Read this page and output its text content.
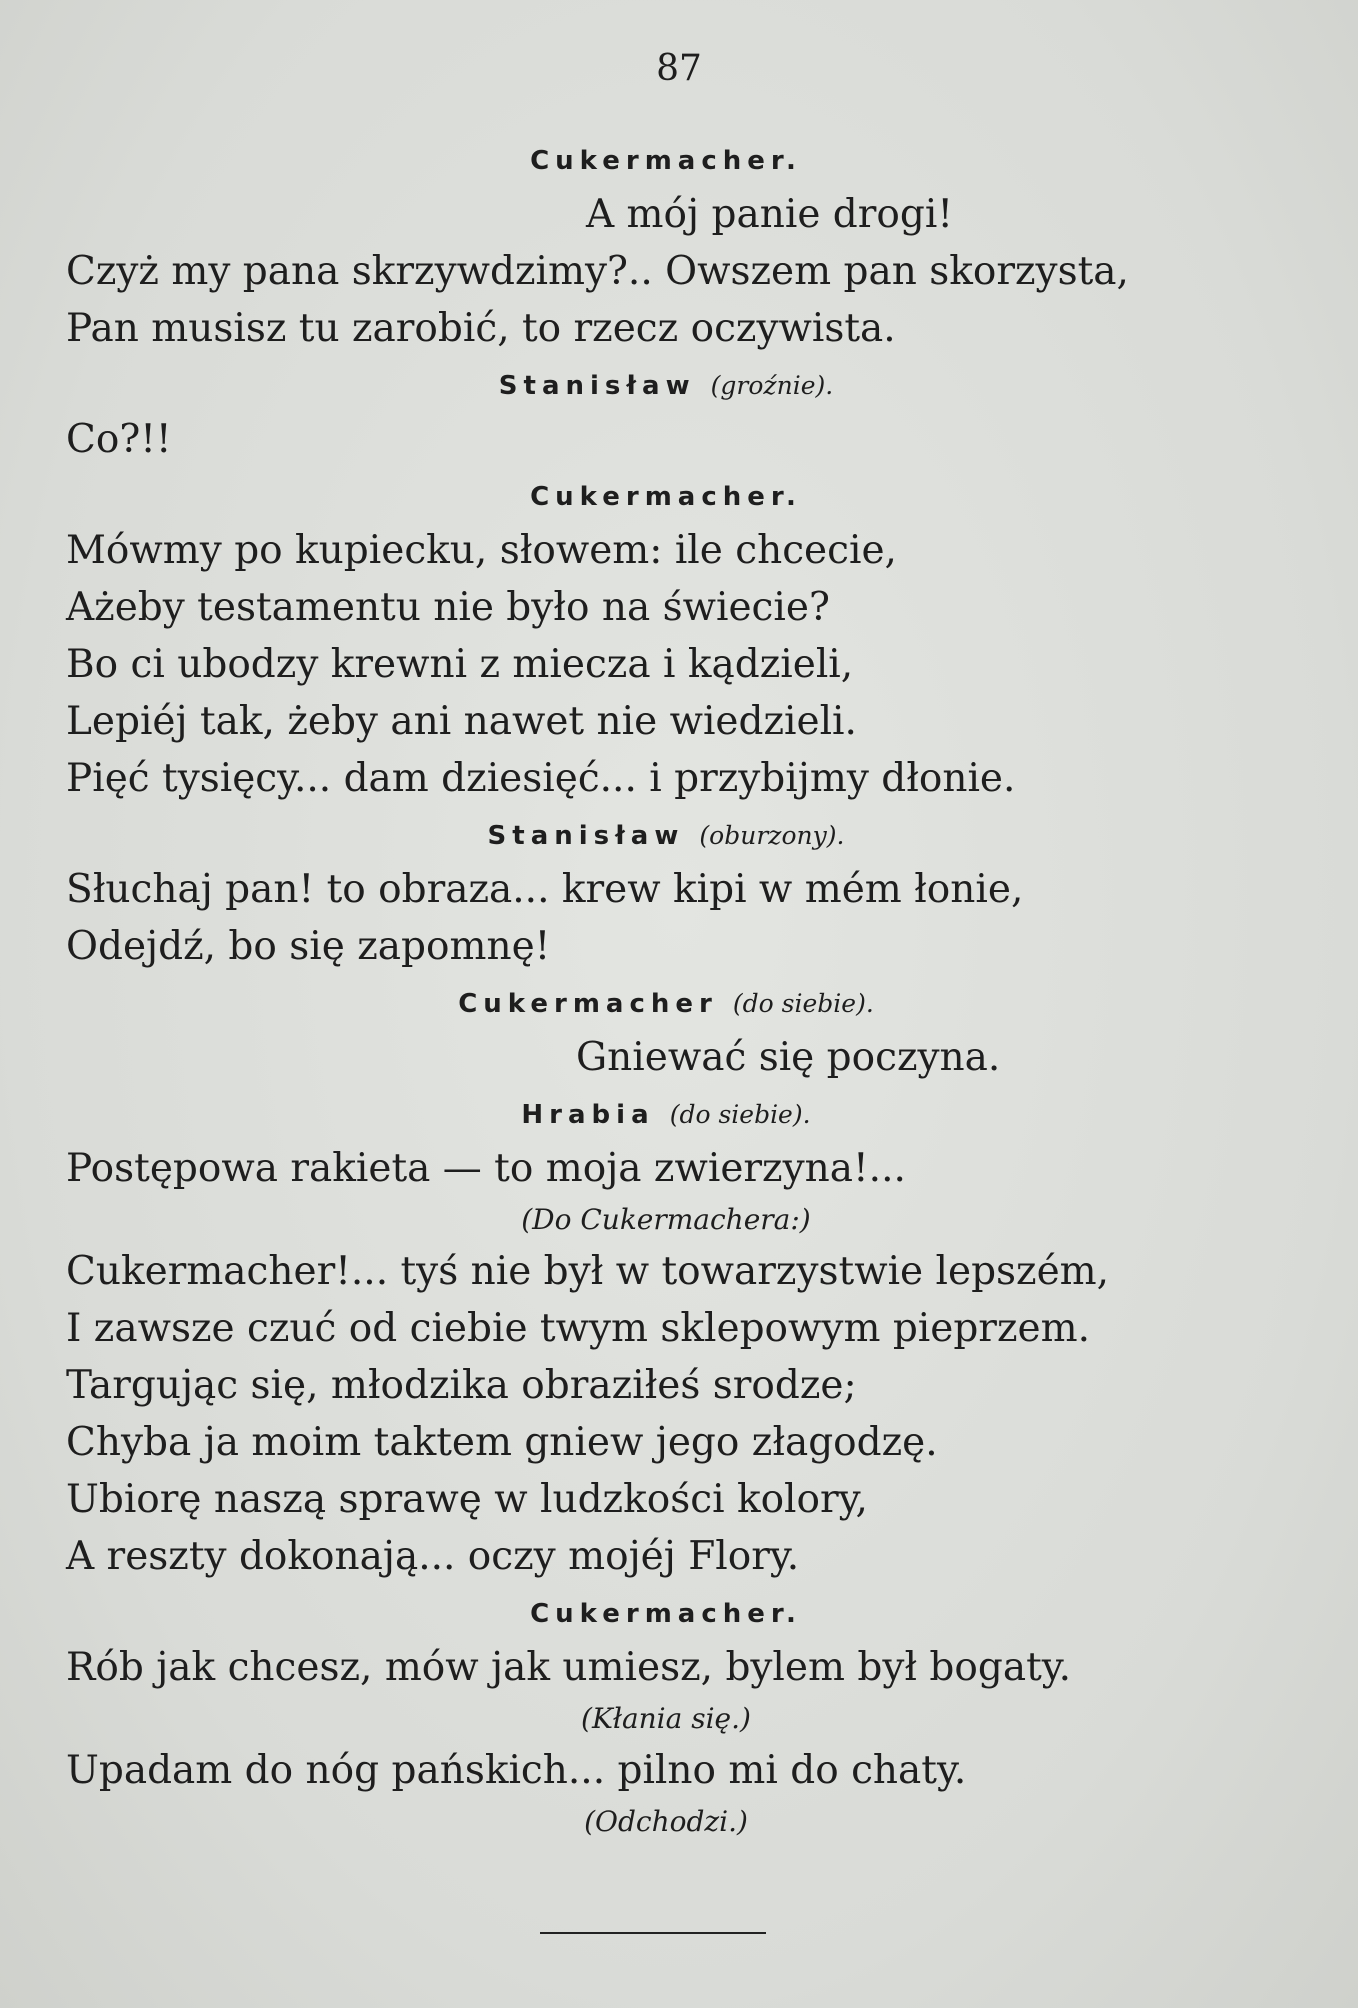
87
Cukermacher.
A mój panie drogi!
Czyż my pana skrzywdzimy?.. Owszem pan skorzysta,
Pan musisz tu zarobić, to rzecz oczywista.
Stanisław (groźnie).
Co?!!
Cukermacher.
Mówmy po kupiecku, słowem: ile chcecie,
Ażeby testamentu nie było na świecie?
Bo ci ubodzy krewni z miecza i kądzieli,
Lepiéj tak, żeby ani nawet nie wiedzieli.
Pięć tysięcy... dam dziesięć... i przybijmy dłonie.
Stanisław (oburzony).
Słuchaj pan! to obraza... krew kipi w mém łonie,
Odejdź, bo się zapomnę!
Cukermacher (do siebie).
Gniewać się poczyna.
Hrabia (do siebie).
Postępowa rakieta — to moja zwierzyna!...
(Do Cukermachera:)
Cukermacher!... tyś nie był w towarzystwie lepszém,
I zawsze czuć od ciebie twym sklepowym pieprzem.
Targując się, młodzika obraziłeś srodze;
Chyba ja moim taktem gniew jego złagodzę.
Ubiorę naszą sprawę w ludzkości kolory,
A reszty dokonają... oczy mojéj Flory.
Cukermacher.
Rób jak chcesz, mów jak umiesz, bylem był bogaty.
(Kłania się.)
Upadam do nóg pańskich... pilno mi do chaty.
(Odchodzi.)
